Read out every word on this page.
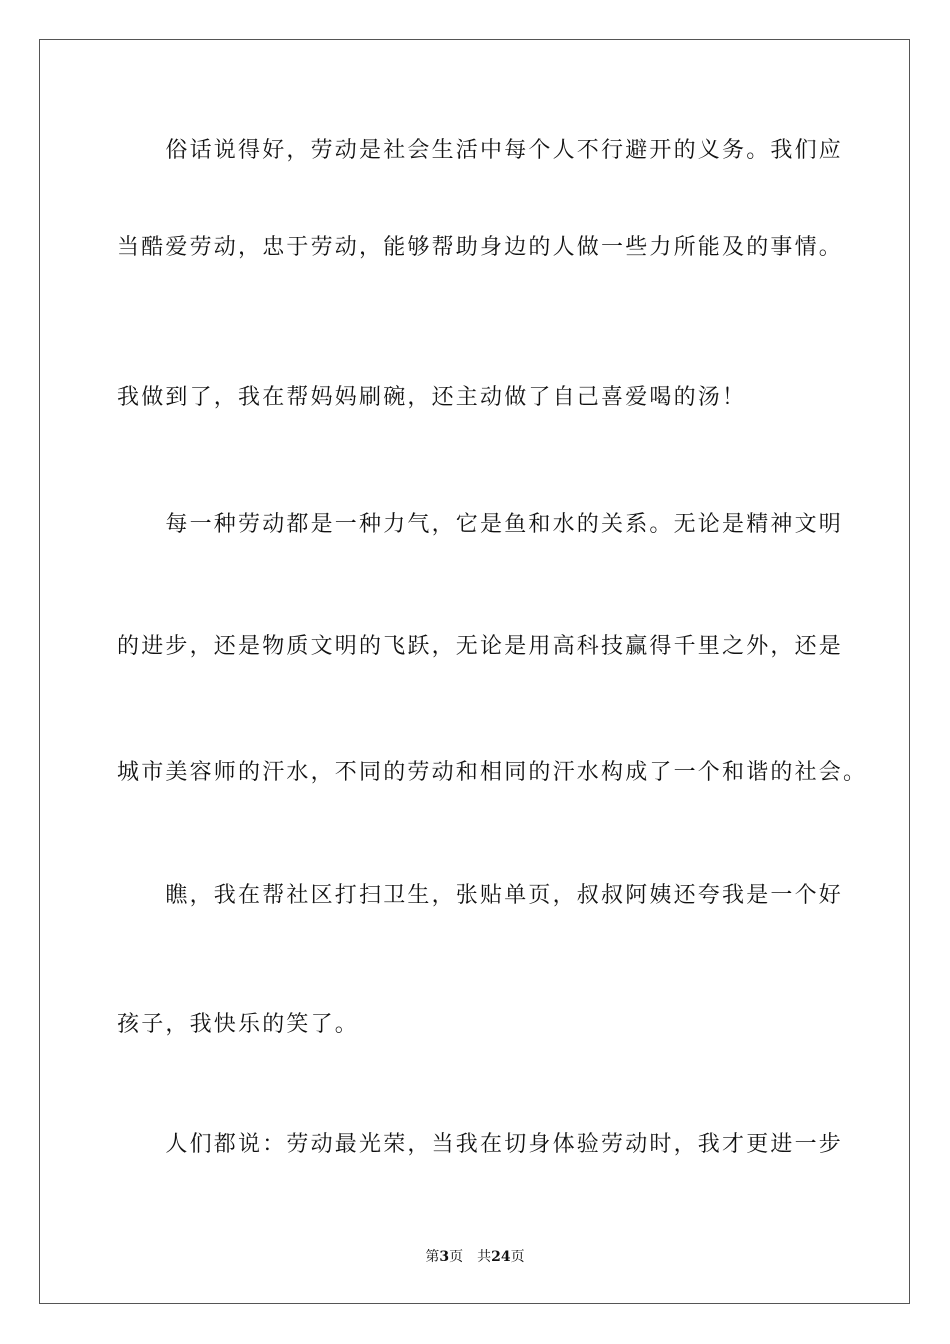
　　俗话说得好，劳动是社会生活中每个人不行避开的义务。我们应
当酷爱劳动，忠于劳动，能够帮助身边的人做一些力所能及的事情。
我做到了，我在帮妈妈刷碗，还主动做了自己喜爱喝的汤！
　　每一种劳动都是一种力气，它是鱼和水的关系。无论是精神文明
的进步，还是物质文明的飞跃，无论是用高科技赢得千里之外，还是
城市美容师的汗水，不同的劳动和相同的汗水构成了一个和谐的社会。
　　瞧，我在帮社区打扫卫生，张贴单页，叔叔阿姨还夸我是一个好
孩子，我快乐的笑了。
　　人们都说：劳动最光荣，当我在切身体验劳动时，我才更进一步
第3页 共24页
